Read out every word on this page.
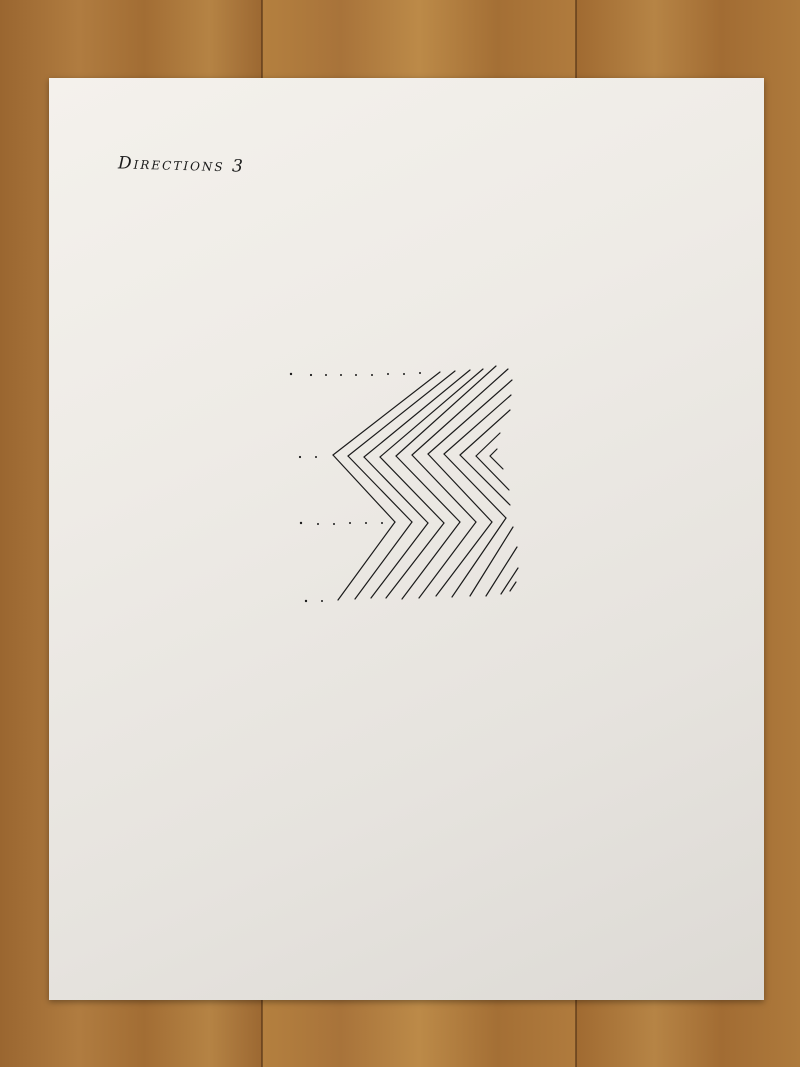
Directions 3
